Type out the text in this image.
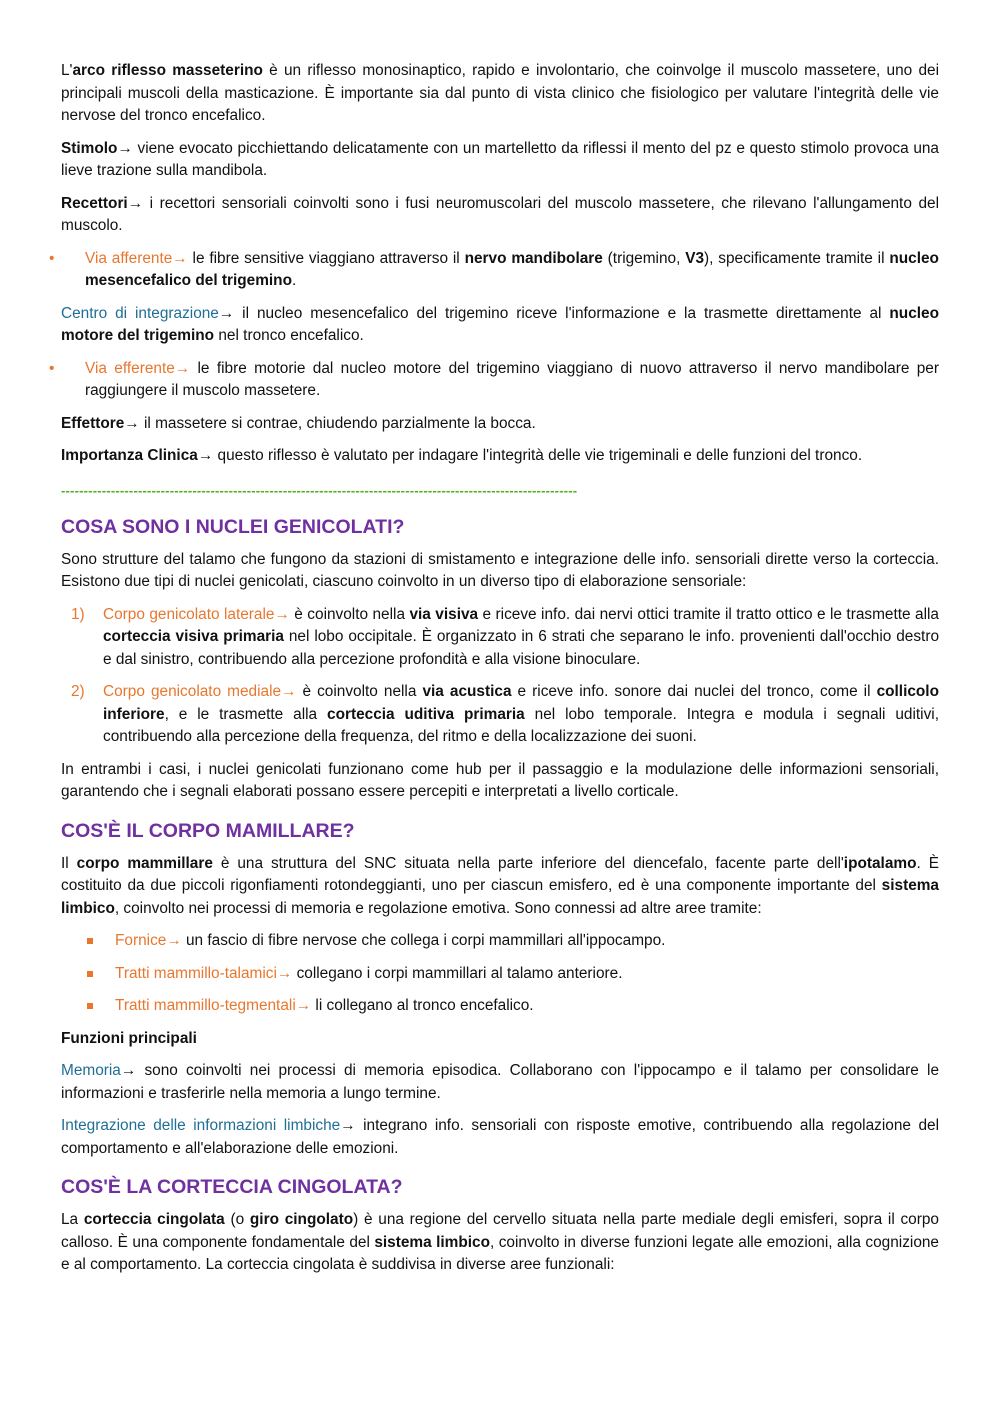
L'arco riflesso masseterino è un riflesso monosinaptico, rapido e involontario, che coinvolge il muscolo massetere, uno dei principali muscoli della masticazione. È importante sia dal punto di vista clinico che fisiologico per valutare l'integrità delle vie nervose del tronco encefalico.

Stimolo→ viene evocato picchiettando delicatamente con un martelletto da riflessi il mento del pz e questo stimolo provoca una lieve trazione sulla mandibola.

Recettori→ i recettori sensoriali coinvolti sono i fusi neuromuscolari del muscolo massetere, che rilevano l'allungamento del muscolo.

• Via afferente→ le fibre sensitive viaggiano attraverso il nervo mandibolare (trigemino, V3), specificamente tramite il nucleo mesencefalico del trigemino.

Centro di integrazione→ il nucleo mesencefalico del trigemino riceve l'informazione e la trasmette direttamente al nucleo motore del trigemino nel tronco encefalico.

• Via efferente→ le fibre motorie dal nucleo motore del trigemino viaggiano di nuovo attraverso il nervo mandibolare per raggiungere il muscolo massetere.

Effettore→ il massetere si contrae, chiudendo parzialmente la bocca.

Importanza Clinica→ questo riflesso è valutato per indagare l'integrità delle vie trigeminali e delle funzioni del tronco.

------------------------------------------------------------------------------------------------------------------
COSA SONO I NUCLEI GENICOLATI?

Sono strutture del talamo che fungono da stazioni di smistamento e integrazione delle info. sensoriali dirette verso la corteccia. Esistono due tipi di nuclei genicolati, ciascuno coinvolto in un diverso tipo di elaborazione sensoriale:

1) Corpo genicolato laterale→ è coinvolto nella via visiva e riceve info. dai nervi ottici tramite il tratto ottico e le trasmette alla corteccia visiva primaria nel lobo occipitale. È organizzato in 6 strati che separano le info. provenienti dall'occhio destro e dal sinistro, contribuendo alla percezione profondità e alla visione binoculare.
2) Corpo genicolato mediale→ è coinvolto nella via acustica e riceve info. sonore dai nuclei del tronco, come il collicolo inferiore, e le trasmette alla corteccia uditiva primaria nel lobo temporale. Integra e modula i segnali uditivi, contribuendo alla percezione della frequenza, del ritmo e della localizzazione dei suoni.

In entrambi i casi, i nuclei genicolati funzionano come hub per il passaggio e la modulazione delle informazioni sensoriali, garantendo che i segnali elaborati possano essere percepiti e interpretati a livello corticale.

COS'È IL CORPO MAMILLARE?

Il corpo mammillare è una struttura del SNC situata nella parte inferiore del diencefalo, facente parte dell'ipotalamo. È costituito da due piccoli rigonfiamenti rotondeggianti, uno per ciascun emisfero, ed è una componente importante del sistema limbico, coinvolto nei processi di memoria e regolazione emotiva. Sono connessi ad altre aree tramite:

Fornice→ un fascio di fibre nervose che collega i corpi mammillari all'ippocampo.
Tratti mammillo-talamici→ collegano i corpi mammillari al talamo anteriore.
Tratti mammillo-tegmentali→ li collegano al tronco encefalico.
Funzioni principali

Memoria→ sono coinvolti nei processi di memoria episodica. Collaborano con l'ippocampo e il talamo per consolidare le informazioni e trasferirle nella memoria a lungo termine.

Integrazione delle informazioni limbiche→ integrano info. sensoriali con risposte emotive, contribuendo alla regolazione del comportamento e all'elaborazione delle emozioni.

COS'È LA CORTECCIA CINGOLATA?

La corteccia cingolata (o giro cingolato) è una regione del cervello situata nella parte mediale degli emisferi, sopra il corpo calloso. È una componente fondamentale del sistema limbico, coinvolto in diverse funzioni legate alle emozioni, alla cognizione e al comportamento. La corteccia cingolata è suddivisa in diverse aree funzionali:
